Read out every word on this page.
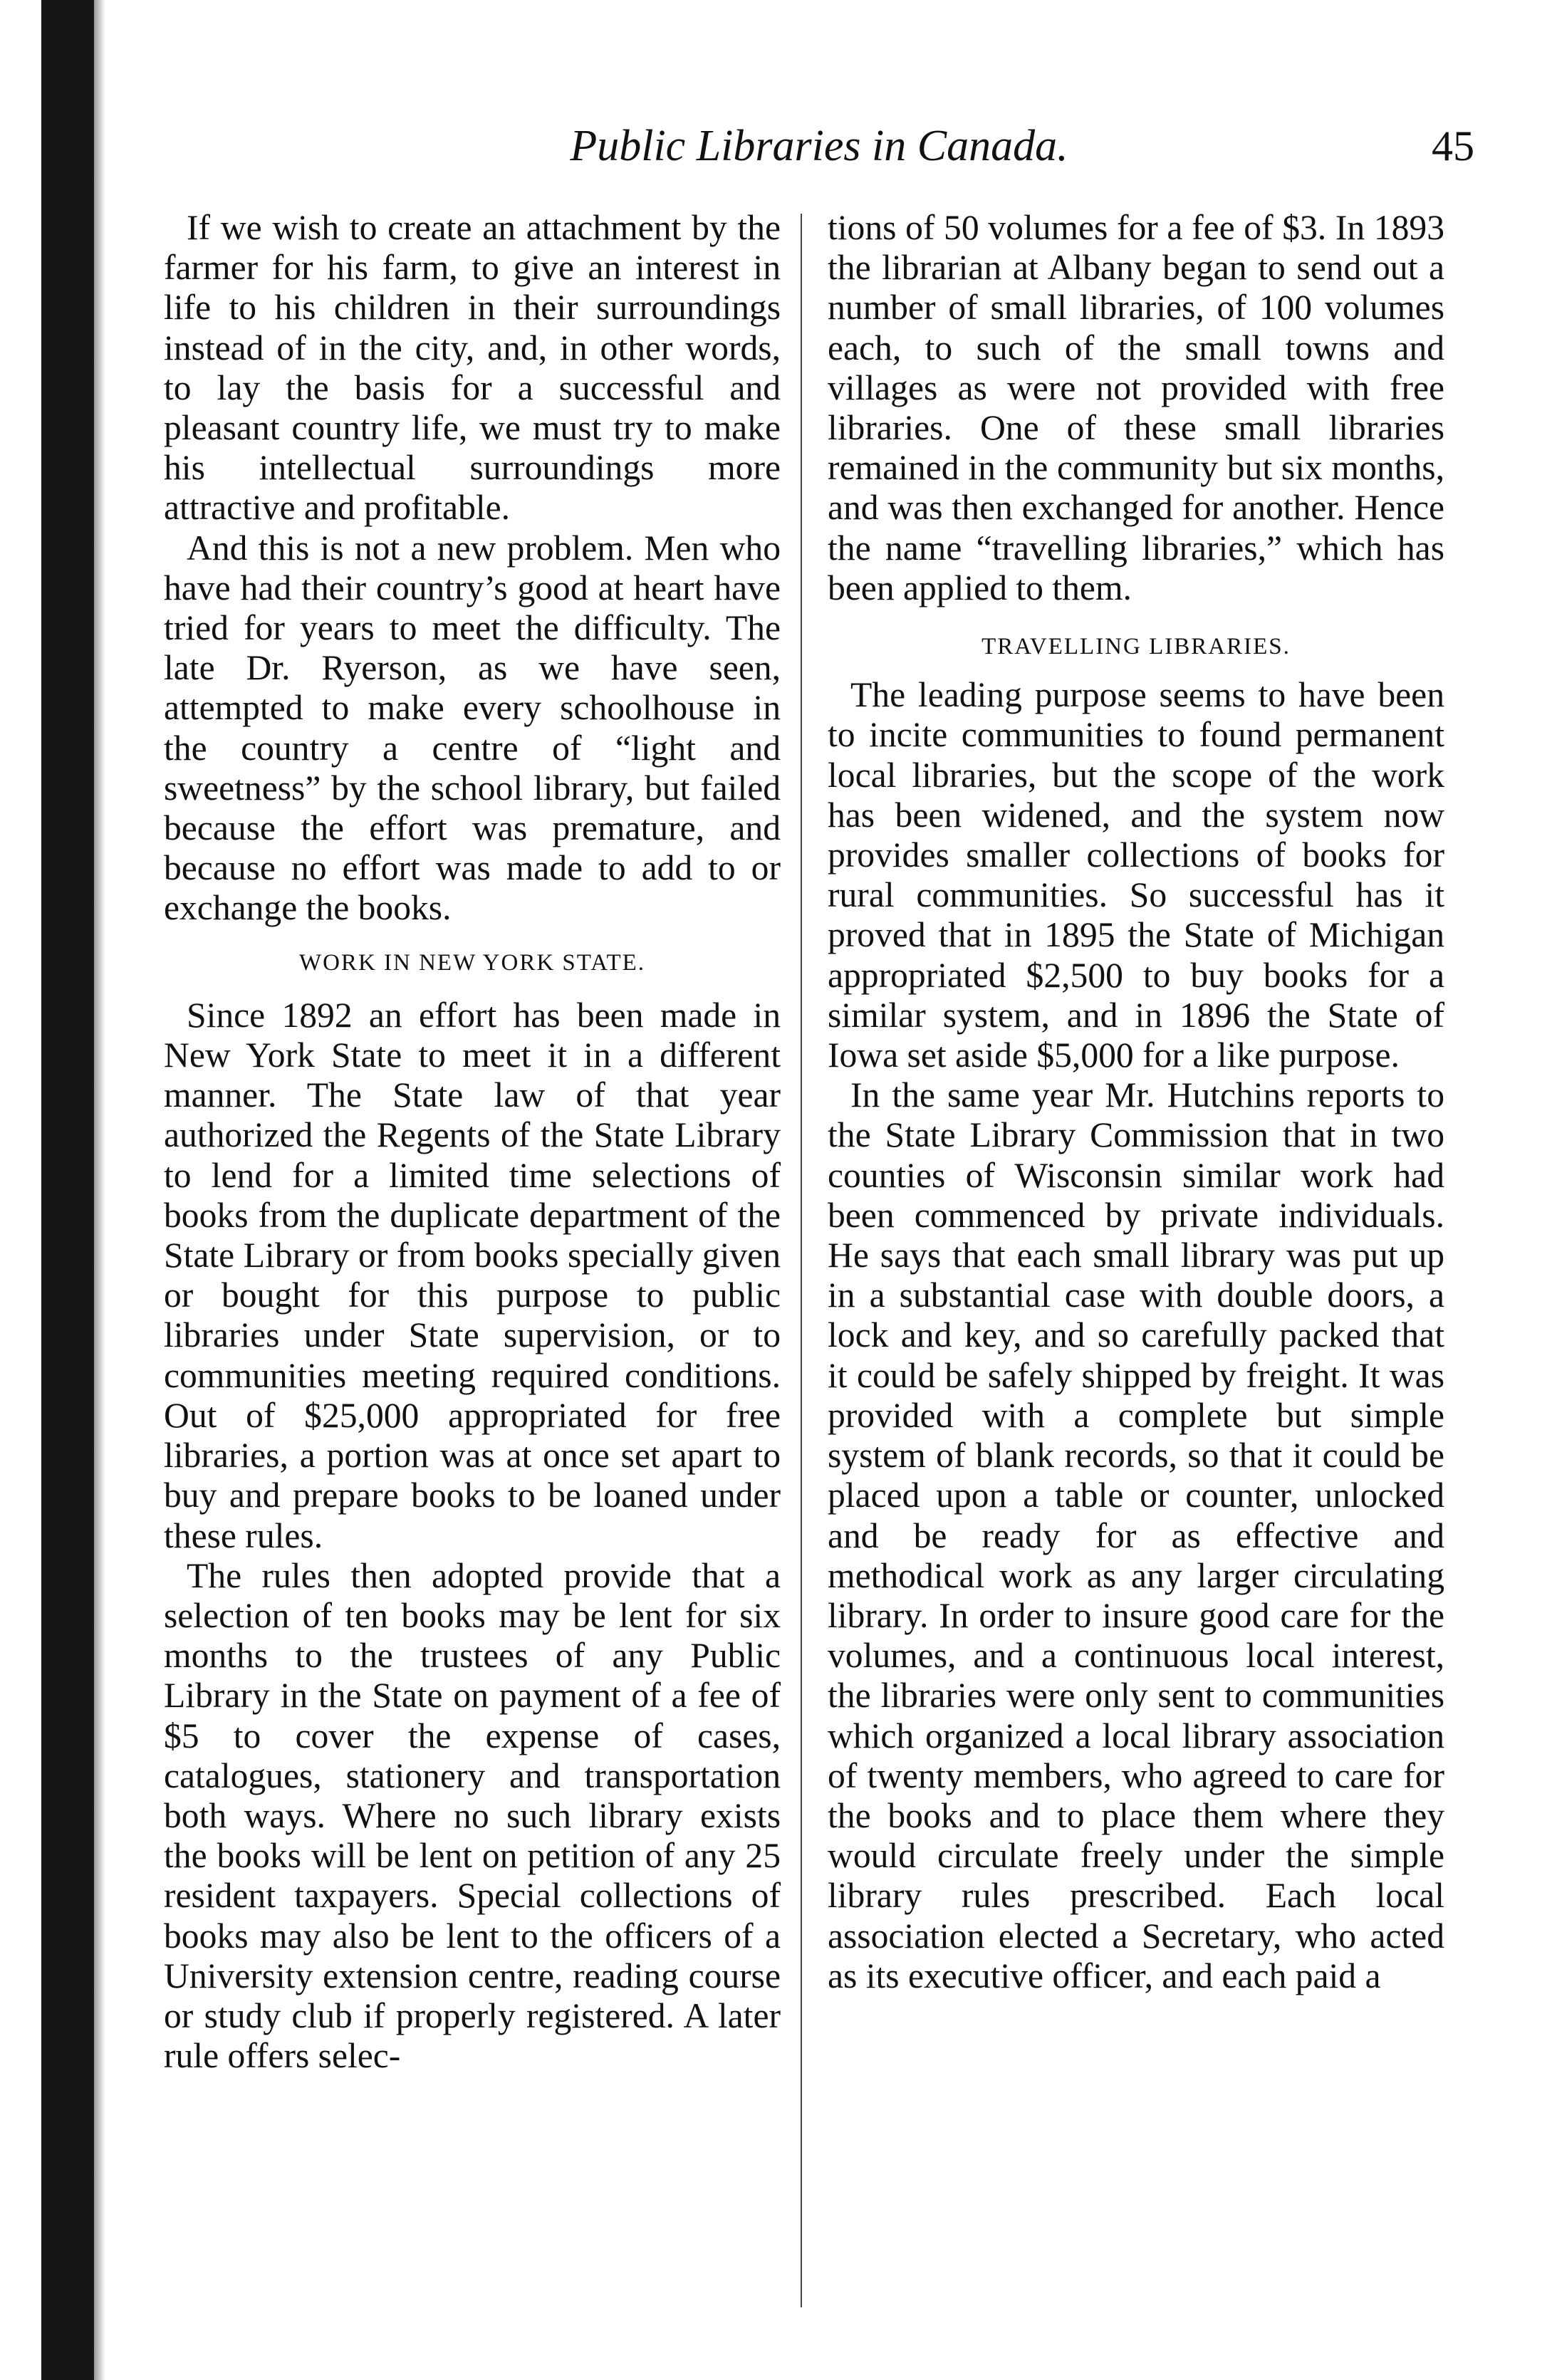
Public Libraries in Canada.	45

If we wish to create an attachment by the farmer for his farm, to give an interest in life to his children in their surroundings instead of in the city, and, in other words, to lay the basis for a successful and pleasant country life, we must try to make his intellectual surroundings more attractive and profitable.

And this is not a new problem. Men who have had their country’s good at heart have tried for years to meet the difficulty. The late Dr. Ryerson, as we have seen, attempted to make every schoolhouse in the country a centre of “light and sweetness” by the school library, but failed because the effort was premature, and because no effort was made to add to or exchange the books.

WORK IN NEW YORK STATE.

Since 1892 an effort has been made in New York State to meet it in a different manner. The State law of that year authorized the Regents of the State Library to lend for a limited time selections of books from the duplicate department of the State Library or from books specially given or bought for this purpose to public libraries under State supervision, or to communities meeting required conditions. Out of $25,000 appropriated for free libraries, a portion was at once set apart to buy and prepare books to be loaned under these rules.

The rules then adopted provide that a selection of ten books may be lent for six months to the trustees of any Public Library in the State on payment of a fee of $5 to cover the expense of cases, catalogues, stationery and transportation both ways. Where no such library exists the books will be lent on petition of any 25 resident taxpayers. Special collections of books may also be lent to the officers of a University extension centre, reading course or study club if properly registered. A later rule offers selec-

tions of 50 volumes for a fee of $3. In 1893 the librarian at Albany began to send out a number of small libraries, of 100 volumes each, to such of the small towns and villages as were not provided with free libraries. One of these small libraries remained in the community but six months, and was then exchanged for another. Hence the name “travelling libraries,” which has been applied to them.

TRAVELLING LIBRARIES.

The leading purpose seems to have been to incite communities to found permanent local libraries, but the scope of the work has been widened, and the system now provides smaller collections of books for rural communities. So successful has it proved that in 1895 the State of Michigan appropriated $2,500 to buy books for a similar system, and in 1896 the State of Iowa set aside $5,000 for a like purpose.

In the same year Mr. Hutchins reports to the State Library Commission that in two counties of Wisconsin similar work had been commenced by private individuals. He says that each small library was put up in a substantial case with double doors, a lock and key, and so carefully packed that it could be safely shipped by freight. It was provided with a complete but simple system of blank records, so that it could be placed upon a table or counter, unlocked and be ready for as effective and methodical work as any larger circulating library. In order to insure good care for the volumes, and a continuous local interest, the libraries were only sent to communities which organized a local library association of twenty members, who agreed to care for the books and to place them where they would circulate freely under the simple library rules prescribed. Each local association elected a Secretary, who acted as its executive officer, and each paid a
